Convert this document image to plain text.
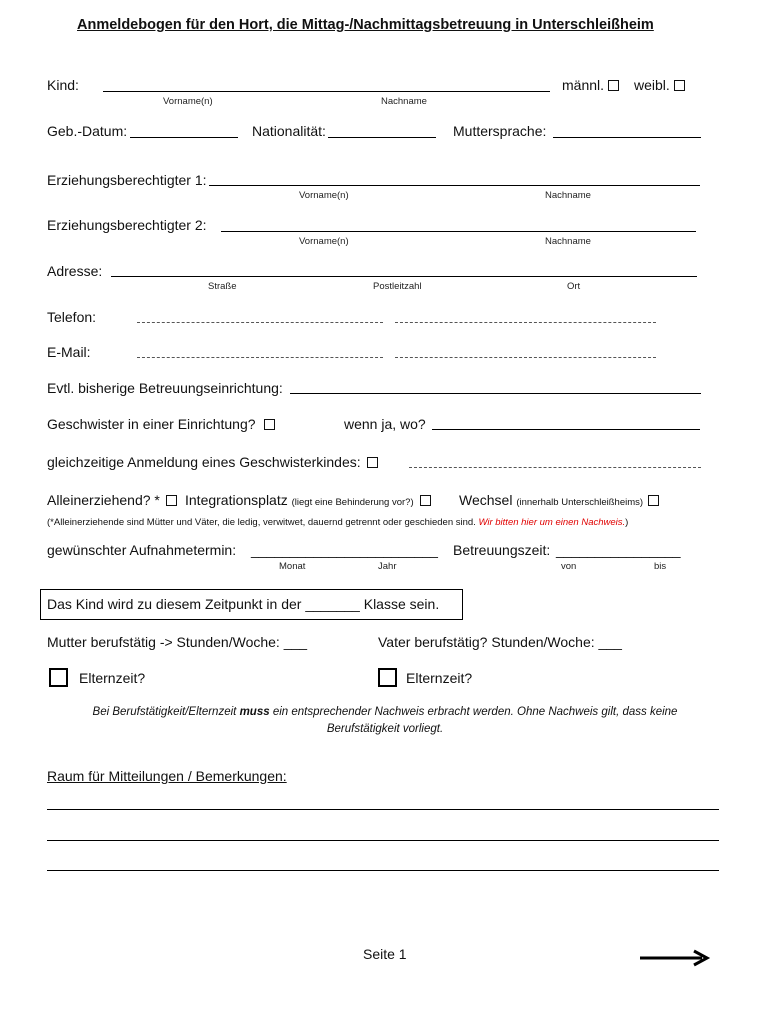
Anmeldebogen für den Hort, die Mittag-/Nachmittagsbetreuung in Unterschleißheim
Kind:
Vorname(n)	Nachname
männl.	weibl.
Geb.-Datum:	Nationalität:	Muttersprache:
Erziehungsberechtigter 1:
Vorname(n)	Nachname
Erziehungsberechtigter 2:
Vorname(n)	Nachname
Adresse:
Straße	Postleitzahl	Ort
Telefon:
E-Mail:
Evtl. bisherige Betreuungseinrichtung:
Geschwister in einer Einrichtung?	wenn ja, wo?
gleichzeitige Anmeldung eines Geschwisterkindes:
Alleinerziehend? *	Integrationsplatz (liegt eine Behinderung vor?)	Wechsel (innerhalb Unterschleißheims)
(*Alleinerziehende sind Mütter und Väter, die ledig, verwitwet, dauernd getrennt oder geschieden sind. Wir bitten hier um einen Nachweis.)
gewünschter Aufnahmetermin: ________________________
Monat	Jahr
Betreuungszeit: ________________
von	bis
Das Kind wird zu diesem Zeitpunkt in der _______ Klasse sein.
Mutter berufstätig -> Stunden/Woche: ___	Vater berufstätig? Stunden/Woche: ___
Elternzeit?	Elternzeit?
Bei Berufstätigkeit/Elternzeit muss ein entsprechender Nachweis erbracht werden. Ohne Nachweis gilt, dass keine
Berufstätigkeit vorliegt.
Raum für Mitteilungen / Bemerkungen:
Seite 1
